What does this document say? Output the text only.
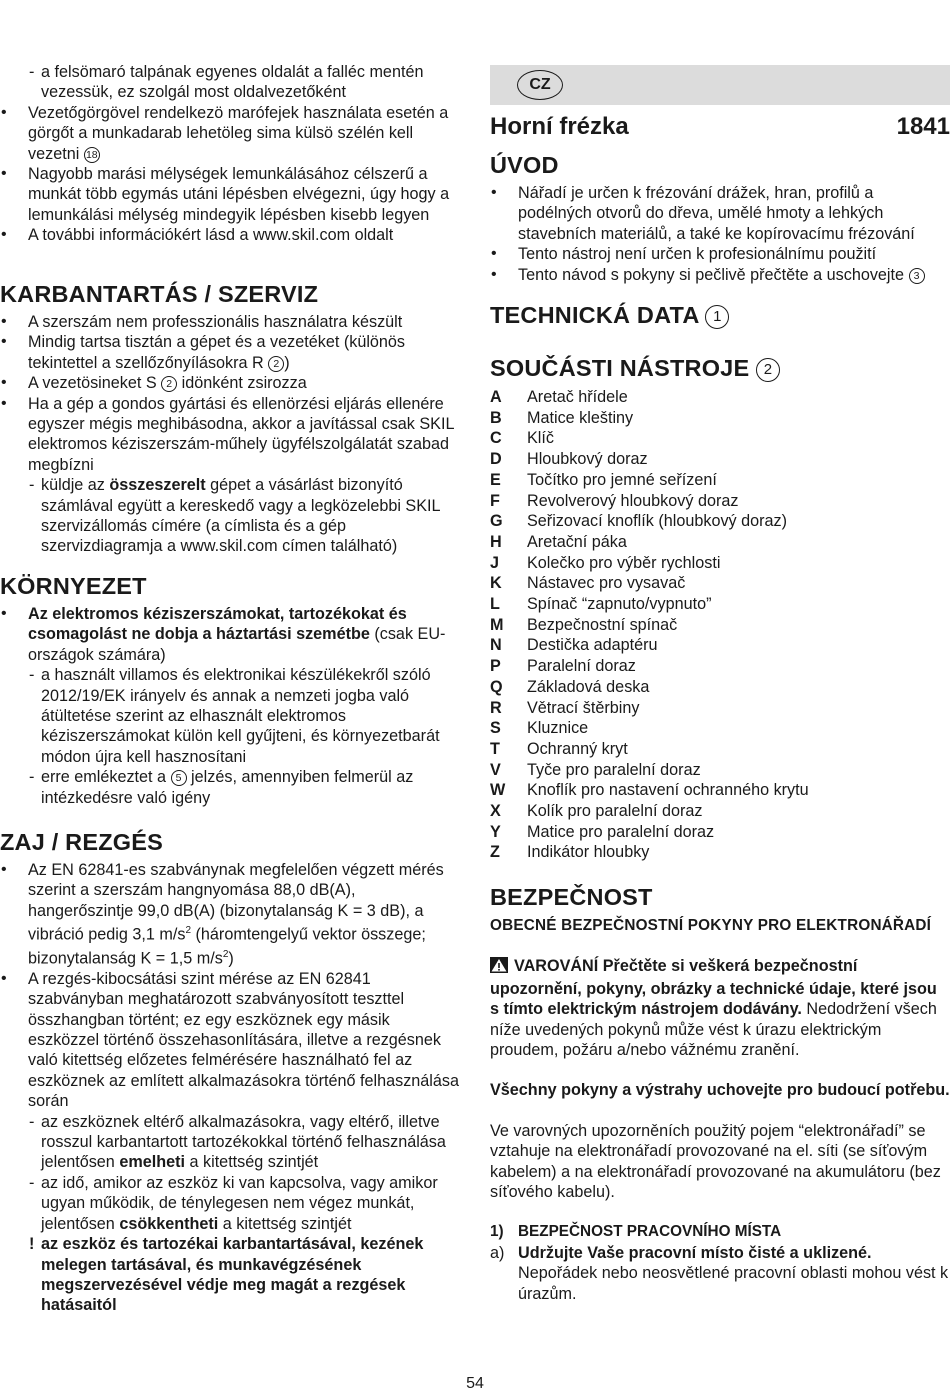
- a felsömaró talpának egyenes oldalát a falléc mentén vezessük, ez szolgál most oldalvezetőként
• Vezetőgörgövel rendelkezö marófejek használata esetén a görgőt a munkadarab lehetöleg sima külsö szélén kell vezetni 18
• Nagyobb marási mélységek lemunkálásához célszerű a munkát több egymás utáni lépésben elvégezni, úgy hogy a lemunkálási mélység mindegyik lépésben kisebb legyen
• A további információkért lásd a www.skil.com oldalt
KARBANTARTÁS / SZERVIZ
• A szerszám nem professzionális használatra készült
• Mindig tartsa tisztán a gépet és a vezetéket (különös tekintettel a szellőzőnyílásokra R 2 )
• A vezetösineket S 2 idönként zsirozza
• Ha a gép a gondos gyártási és ellenörzési eljárás ellenére egyszer mégis meghibásodna, akkor a javítással csak SKIL elektromos kéziszerszám-műhely ügyfélszolgálatát szabad megbízni
- küldje az összeszerelt gépet a vásárlást bizonyító számlával együtt a kereskedő vagy a legközelebbi SKIL szervizállomás címére (a címlista és a gép szervizdiagramja a www.skil.com címen található)
KÖRNYEZET
• Az elektromos kéziszerszámokat, tartozékokat és csomagolást ne dobja a háztartási szemétbe (csak EU-országok számára)
- a használt villamos és elektronikai készülékekről szóló 2012/19/EK irányelv és annak a nemzeti jogba való átültetése szerint az elhasznált elektromos kéziszerszámokat külön kell gyűjteni, és környezetbarát módon újra kell hasznosítani
- erre emlékeztet a 5 jelzés, amennyiben felmerül az intézkedésre való igény
ZAJ / REZGÉS
• Az EN 62841-es szabványnak megfelelően végzett mérés szerint a szerszám hangnyomása 88,0 dB(A), hangerőszintje 99,0 dB(A) (bizonytalanság K = 3 dB), a vibráció pedig 3,1 $m/s^2$ (háromtengelyű vektor összege; bizonytalanság K = 1,5 $m/s^2$)
• A rezgés-kibocsátási szint mérése az EN 62841 szabványban meghatározott szabványosított teszttel összhangban történt; ez egy eszköznek egy másik eszközzel történő összehasonlítására, illetve a rezgésnek való kitettség előzetes felmérésére használható fel az eszköznek az említett alkalmazásokra történő felhasználása során
- az eszköznek eltérő alkalmazásokra, vagy eltérő, illetve rosszul karbantartott tartozékokkal történő felhasználása jelentősen emelheti a kitettség szintjét
- az idő, amikor az eszköz ki van kapcsolva, vagy amikor ugyan működik, de ténylegesen nem végez munkát, jelentősen csökkentheti a kitettség szintjét
! az eszköz és tartozékai karbantartásával, kezének melegen tartásával, és munkavégzésének megszervezésével védje meg magát a rezgések hatásaitól
CZ
Horní frézka	1841
ÚVOD
• Nářadí je určen k frézování drážek, hran, profilů a podélných otvorů do dřeva, umělé hmoty a lehkých stavebních materiálů, a také ke kopírovacímu frézování
• Tento nástroj není určen k profesionálnímu použití
• Tento návod s pokyny si pečlivě přečtěte a uschovejte 3
TECHNICKÁ DATA 1
SOUČÁSTI NÁSTROJE 2
A Aretač hřídele
B Matice kleštiny
C Klíč
D Hloubkový doraz
E Točítko pro jemné seřízení
F Revolverový hloubkový doraz
G Seřizovací knoflík (hloubkový doraz)
H Aretační páka
J Kolečko pro výběr rychlosti
K Nástavec pro vysavač
L Spínač “zapnuto/vypnuto”
M Bezpečnostní spínač
N Destička adaptéru
P Paralelní doraz
Q Základová deska
R Větrací štěrbiny
S Kluznice
T Ochranný kryt
V Tyče pro paralelní doraz
W Knoflík pro nastavení ochranného krytu
X Kolík pro paralelní doraz
Y Matice pro paralelní doraz
Z Indikátor hloubky
BEZPEČNOST

OBECNÉ BEZPEČNOSTNÍ POKYNY PRO ELEKTRONÁŘADÍ

VAROVÁNÍ Přečtěte si veškerá bezpečnostní upozornění, pokyny, obrázky a technické údaje, které jsou s tímto elektrickým nástrojem dodávány. Nedodržení všech níže uvedených pokynů může vést k úrazu elektrickým proudem, požáru a/nebo vážnému zranění.

Všechny pokyny a výstrahy uchovejte pro budoucí potřebu.

Ve varovných upozorněních použitý pojem “elektronářadí” se vztahuje na elektronářadí provozované na el. síti (se síťovým kabelem) a na elektronářadí provozované na akumulátoru (bez síťového kabelu).

1) BEZPEČNOST PRACOVNÍHO MÍSTA
a) Udržujte Vaše pracovní místo čisté a uklizené. Nepořádek nebo neosvětlené pracovní oblasti mohou vést k úrazům.
54
